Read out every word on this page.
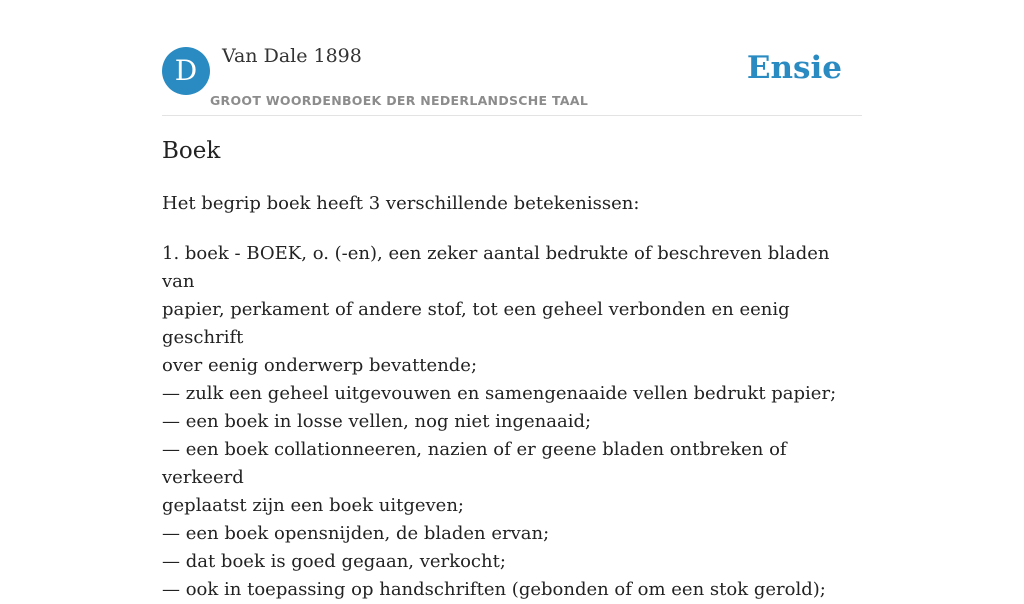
D	Van Dale 1898
GROOT WOORDENBOEK DER NEDERLANDSCHE TAAL
Ensie
Boek
Het begrip boek heeft 3 verschillende betekenissen:
1. boek - BOEK, o. (-en), een zeker aantal bedrukte of beschreven bladen van
papier, perkament of andere stof, tot een geheel verbonden en eenig geschrift
over eenig onderwerp bevattende;
— zulk een geheel uitgevouwen en samengenaaide vellen bedrukt papier;
— een boek in losse vellen, nog niet ingenaaid;
— een boek collationneeren, nazien of er geene bladen ontbreken of verkeerd
geplaatst zijn een boek uitgeven;
— een boek opensnijden, de bladen ervan;
— dat boek is goed gegaan, verkocht;
— ook in toepassing op handschriften (gebonden of om een stok gerold);
